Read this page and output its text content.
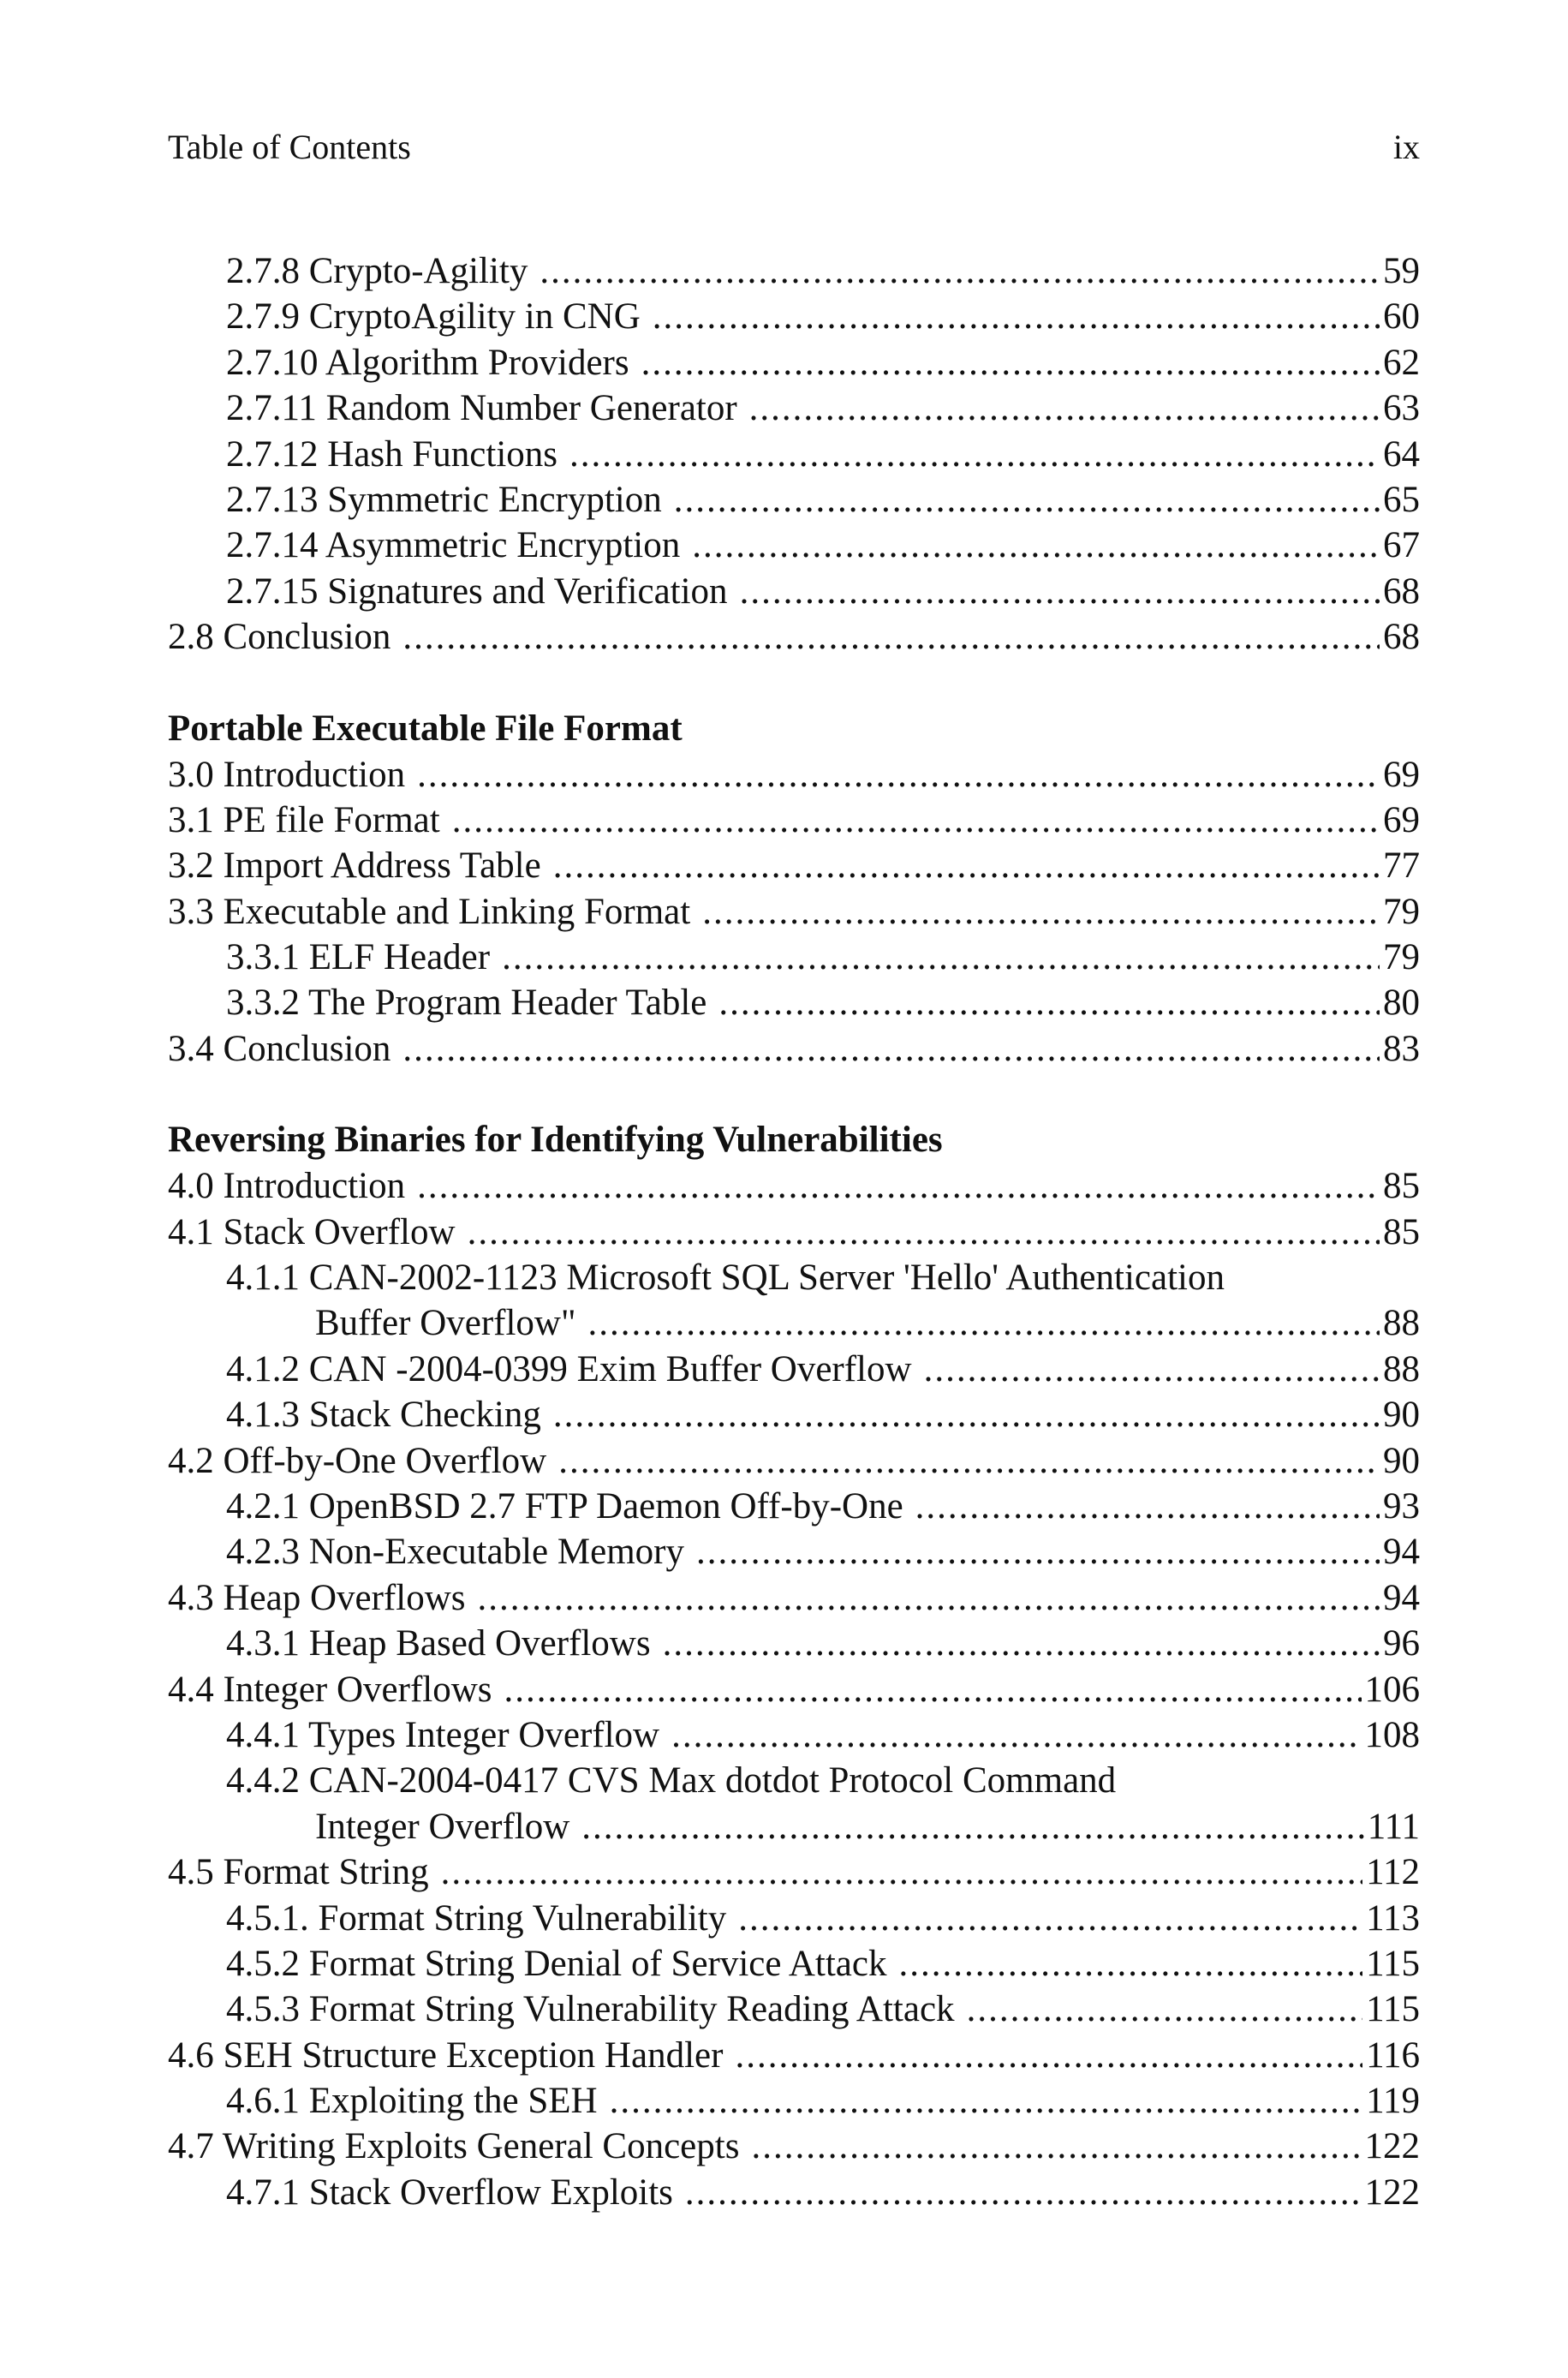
Table of Contents	ix
2.7.8 Crypto-Agility .....	59
2.7.9 CryptoAgility in CNG .....	60
2.7.10 Algorithm Providers .....	62
2.7.11 Random Number Generator .....	63
2.7.12 Hash Functions .....	64
2.7.13 Symmetric Encryption .....	65
2.7.14 Asymmetric Encryption .....	67
2.7.15 Signatures and Verification .....	68
2.8 Conclusion .....	68
Portable Executable File Format
3.0 Introduction .....	69
3.1 PE file Format .....	69
3.2 Import Address Table .....	77
3.3 Executable and Linking Format .....	79
3.3.1 ELF Header .....	79
3.3.2 The Program Header Table .....	80
3.4 Conclusion .....	83
Reversing Binaries for Identifying Vulnerabilities
4.0 Introduction .....	85
4.1 Stack Overflow .....	85
4.1.1 CAN-2002-1123 Microsoft SQL Server 'Hello' Authentication
Buffer Overflow" .....	88
4.1.2 CAN -2004-0399 Exim Buffer Overflow .....	88
4.1.3 Stack Checking .....	90
4.2 Off-by-One Overflow .....	90
4.2.1 OpenBSD 2.7 FTP Daemon Off-by-One .....	93
4.2.3 Non-Executable Memory .....	94
4.3 Heap Overflows .....	94
4.3.1 Heap Based Overflows .....	96
4.4 Integer Overflows .....	106
4.4.1 Types Integer Overflow .....	108
4.4.2 CAN-2004-0417 CVS Max dotdot Protocol Command
Integer Overflow .....	111
4.5 Format String .....	112
4.5.1. Format String Vulnerability .....	113
4.5.2 Format String Denial of Service Attack .....	115
4.5.3 Format String Vulnerability Reading Attack .....	115
4.6 SEH Structure Exception Handler .....	116
4.6.1 Exploiting the SEH .....	119
4.7 Writing Exploits General Concepts .....	122
4.7.1 Stack Overflow Exploits .....	122
